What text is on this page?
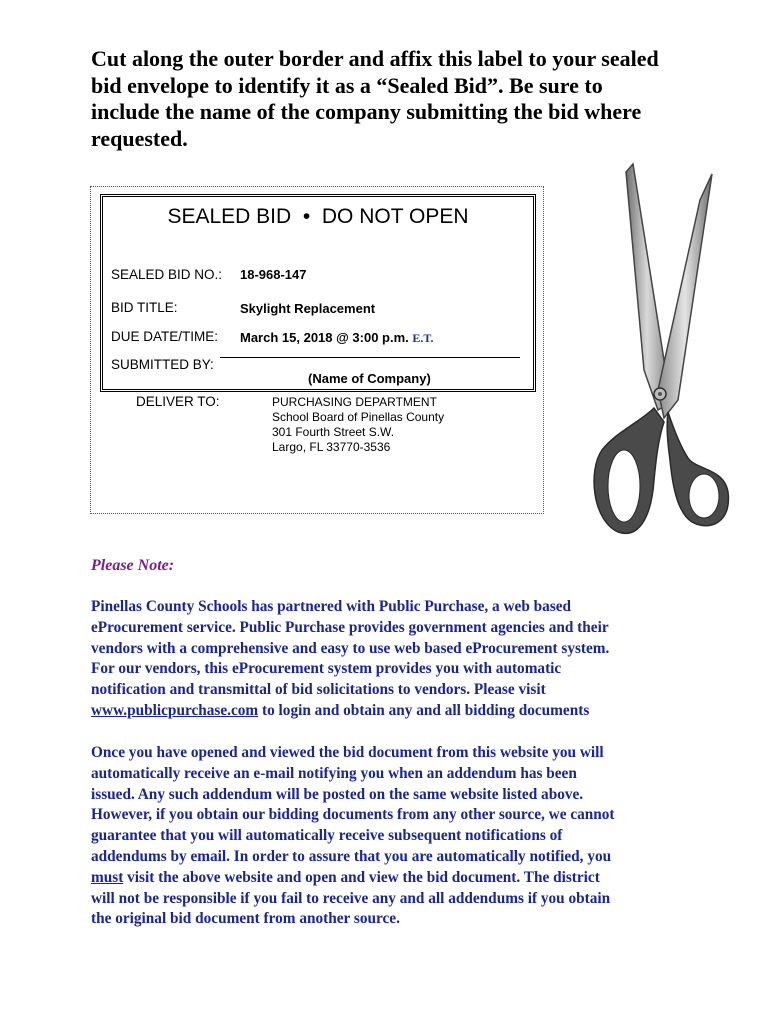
Cut along the outer border and affix this label to your sealed
bid envelope to identify it as a “Sealed Bid”. Be sure to
include the name of the company submitting the bid where
requested.
SEALED BID • DO NOT OPEN
SEALED BID NO.: 18-968-147
BID TITLE:	Skylight Replacement
DUE DATE/TIME: March 15, 2018 @ 3:00 p.m. E.T.
SUBMITTED BY:
(Name of Company)
DELIVER TO:	PURCHASING DEPARTMENT
School Board of Pinellas County
301 Fourth Street S.W.
Largo, FL 33770-3536
Please Note:
Pinellas County Schools has partnered with Public Purchase, a web based
eProcurement service. Public Purchase provides government agencies and their
vendors with a comprehensive and easy to use web based eProcurement system.
For our vendors, this eProcurement system provides you with automatic
notification and transmittal of bid solicitations to vendors. Please visit
www.publicpurchase.com to login and obtain any and all bidding documents
Once you have opened and viewed the bid document from this website you will
automatically receive an e-mail notifying you when an addendum has been
issued. Any such addendum will be posted on the same website listed above.
However, if you obtain our bidding documents from any other source, we cannot
guarantee that you will automatically receive subsequent notifications of
addendums by email. In order to assure that you are automatically notified, you
must visit the above website and open and view the bid document. The district
will not be responsible if you fail to receive any and all addendums if you obtain
the original bid document from another source.
